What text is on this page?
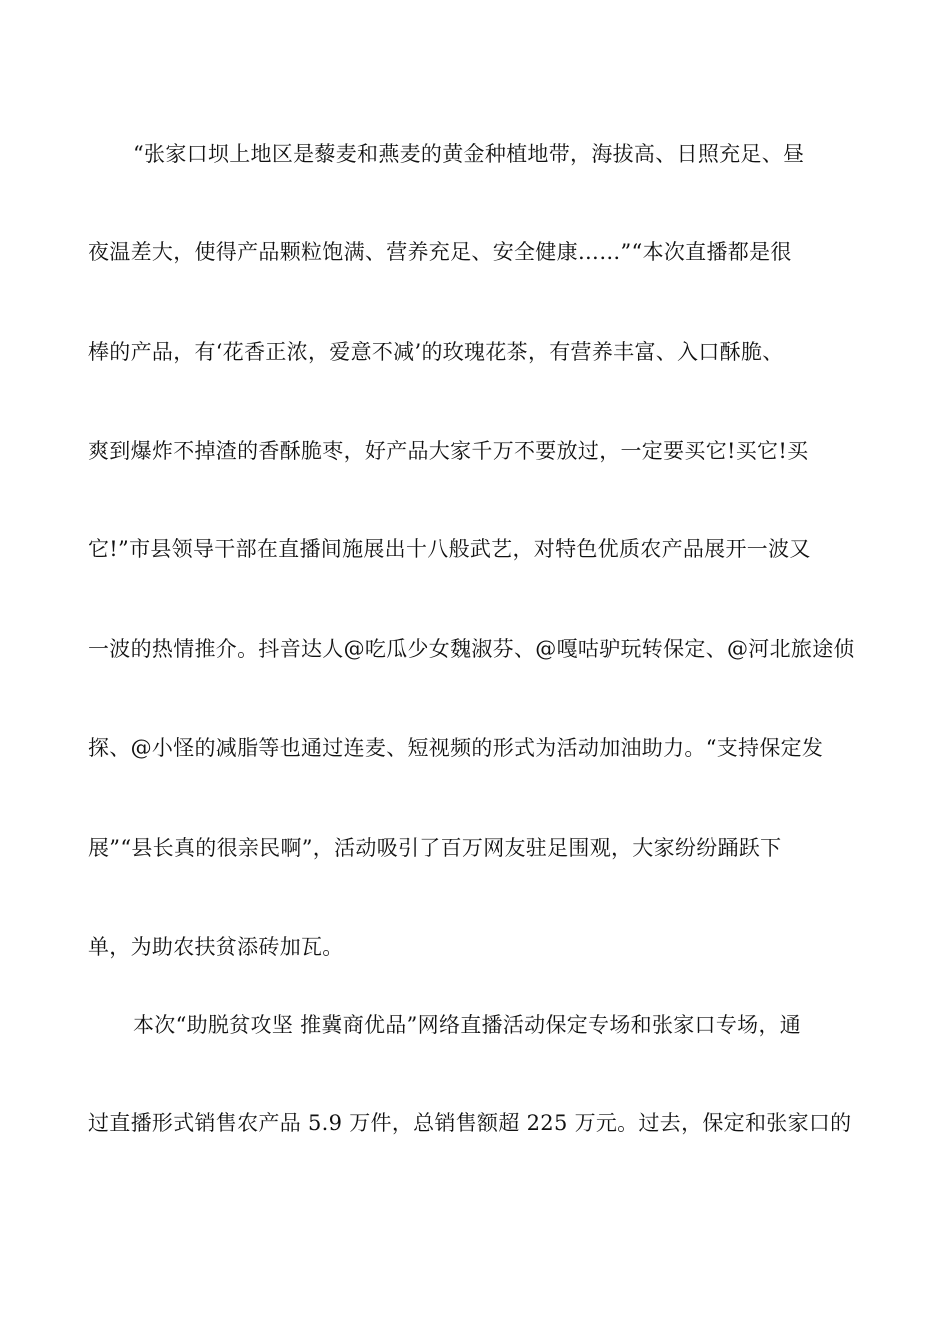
“张家口坝上地区是藜麦和燕麦的黄金种植地带，海拔高、日照充足、昼

夜温差大，使得产品颗粒饱满、营养充足、安全健康……”“本次直播都是很

棒的产品，有‘花香正浓，爱意不减’的玫瑰花茶，有营养丰富、入口酥脆、

爽到爆炸不掉渣的香酥脆枣，好产品大家千万不要放过，一定要买它!买它!买

它!”市县领导干部在直播间施展出十八般武艺，对特色优质农产品展开一波又

一波的热情推介。抖音达人@吃瓜少女魏淑芬、@嘎咕驴玩转保定、@河北旅途侦

探、@小怪的减脂等也通过连麦、短视频的形式为活动加油助力。“支持保定发

展”“县长真的很亲民啊”，活动吸引了百万网友驻足围观，大家纷纷踊跃下

单，为助农扶贫添砖加瓦。

本次“助脱贫攻坚 推冀商优品”网络直播活动保定专场和张家口专场，通

过直播形式销售农产品 5.9 万件，总销售额超 225 万元。过去，保定和张家口的
